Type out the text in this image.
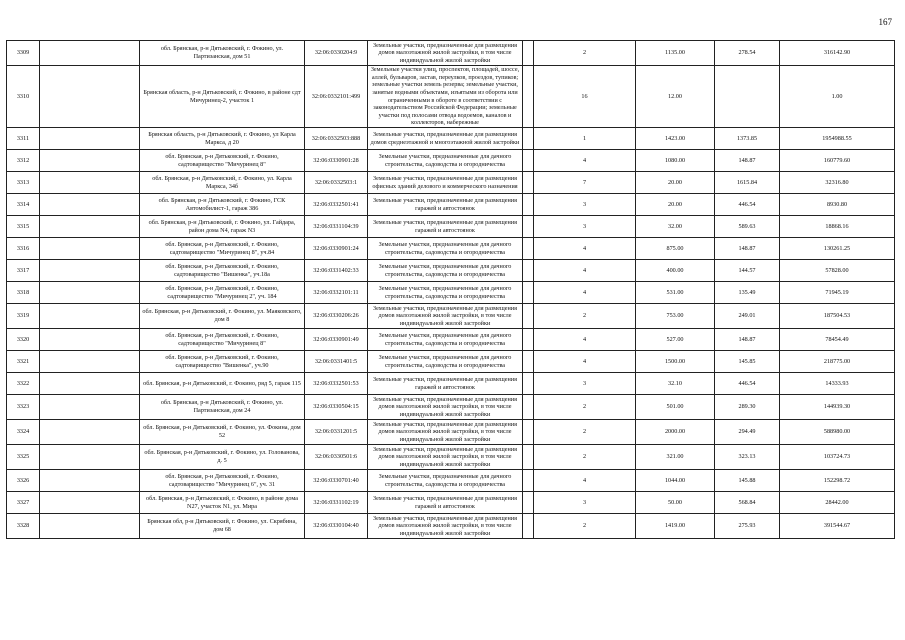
167
3309		обл. Брянская, р-н Дятьковский, г. Фокино, ул. Партизанская, дом 51	32:06:0330204:9	Земельные участки, предназначенные для размещения домов малоэтажной жилой застройки, в том числе индивидуальной жилой застройки		2	1135.00	278.54	316142.90
3310		Брянская область, р-н Дятьковский, г. Фокино, в районе сдт Мичуринец-2, участок 1	32:06:0332101:499	Земельные участки улиц, проспектов, площадей, шоссе, аллей, бульваров, застав, переулков, проездов, тупиков; земельные участки земель резерва; земельные участки, занятые водными объектами, изъятыми из оборота или ограниченными в обороте в соответствии с законодательством Российской Федерации; земельные участки под полосами отвода водоемов, каналов и коллекторов, набережные		16	12.00		1.00
3311		Брянская область, р-н Дятьковский, г. Фокино, ул Карла Маркса, д 20	32:06:0332503:888	Земельные участки, предназначенные для размещения домов среднеэтажной и многоэтажной жилой застройки		1	1423.00	1373.85	1954988.55
3312		обл. Брянская, р-н Дятьковский, г. Фокино, садтоварищество "Мичуринец 8"	32:06:0330901:28	Земельные участки, предназначенные для дачного строительства, садоводства и огородничества		4	1080.00	148.87	160779.60
3313		обл. Брянская, р-н Дятьковский, г. Фокино, ул. Карла Маркса, 34б	32:06:0332503:1	Земельные участки, предназначенные для размещения офисных зданий делового и коммерческого назначения		7	20.00	1615.84	32316.80
3314		обл. Брянская, р-н Дятьковский, г. Фокино, ГСК Автомобилист-1, гараж 386	32:06:0332501:41	Земельные участки, предназначенные для размещения гаражей и автостоянок		3	20.00	446.54	8930.80
3315		обл. Брянская, р-н Дятьковский, г. Фокино, ул. Гайдара, район дома N4, гараж N3	32:06:0331104:39	Земельные участки, предназначенные для размещения гаражей и автостоянок		3	32.00	589.63	18868.16
3316		обл. Брянская, р-н Дятьковский, г. Фокино, садтоварищество "Мичуринец 8", уч.84	32:06:0330901:24	Земельные участки, предназначенные для дачного строительства, садоводства и огородничества		4	875.00	148.87	130261.25
3317		обл. Брянская, р-н Дятьковский, г. Фокино, садтоварищество "Вишенка", уч.18а	32:06:0331402:33	Земельные участки, предназначенные для дачного строительства, садоводства и огородничества		4	400.00	144.57	57828.00
3318		обл. Брянская, р-н Дятьковский, г. Фокино, садтоварищество "Мичуринец 2", уч. 184	32:06:0332101:11	Земельные участки, предназначенные для дачного строительства, садоводства и огородничества		4	531.00	135.49	71945.19
3319		обл. Брянская, р-н Дятьковский, г. Фокино, ул. Маяковского, дом 8	32:06:0330206:26	Земельные участки, предназначенные для размещения домов малоэтажной жилой застройки, в том числе индивидуальной жилой застройки		2	753.00	249.01	187504.53
3320		обл. Брянская, р-н Дятьковский, г. Фокино, садтоварищество "Мичуринец 8"	32:06:0330901:49	Земельные участки, предназначенные для дачного строительства, садоводства и огородничества		4	527.00	148.87	78454.49
3321		обл. Брянская, р-н Дятьковский, г. Фокино, садтоварищество "Вишенка", уч.90	32:06:0331401:5	Земельные участки, предназначенные для дачного строительства, садоводства и огородничества		4	1500.00	145.85	218775.00
3322		обл. Брянская, р-н Дятьковский, г. Фокино, ряд 5, гараж 115	32:06:0332501:53	Земельные участки, предназначенные для размещения гаражей и автостоянок		3	32.10	446.54	14333.93
3323		обл. Брянская, р-н Дятьковский, г. Фокино, ул. Партизанская, дом 24	32:06:0330504:15	Земельные участки, предназначенные для размещения домов малоэтажной жилой застройки, в том числе индивидуальной жилой застройки		2	501.00	289.30	144939.30
3324		обл. Брянская, р-н Дятьковский, г. Фокино, ул. Фокина, дом 52	32:06:0331201:5	Земельные участки, предназначенные для размещения домов малоэтажной жилой застройки, в том числе индивидуальной жилой застройки		2	2000.00	294.49	588980.00
3325		обл. Брянская, р-н Дятьковский, г. Фокино, ул. Голованова, д. 5	32:06:0330501:6	Земельные участки, предназначенные для размещения домов малоэтажной жилой застройки, в том числе индивидуальной жилой застройки		2	321.00	323.13	103724.73
3326		обл. Брянская, р-н Дятьковский, г. Фокино, садтоварищество "Мичуринец 6", уч. 31	32:06:0330701:40	Земельные участки, предназначенные для дачного строительства, садоводства и огородничества		4	1044.00	145.88	152298.72
3327		обл. Брянская, р-н Дятьковский, г. Фокино, в районе дома N27, участок N1, ул. Мира	32:06:0331102:19	Земельные участки, предназначенные для размещения гаражей и автостоянок		3	50.00	568.84	28442.00
3328		Брянская обл, р-н Дятьковский, г. Фокино, ул. Скрябина, дом 68	32:06:0330104:40	Земельные участки, предназначенные для размещения домов малоэтажной жилой застройки, в том числе индивидуальной жилой застройки		2	1419.00	275.93	391544.67
